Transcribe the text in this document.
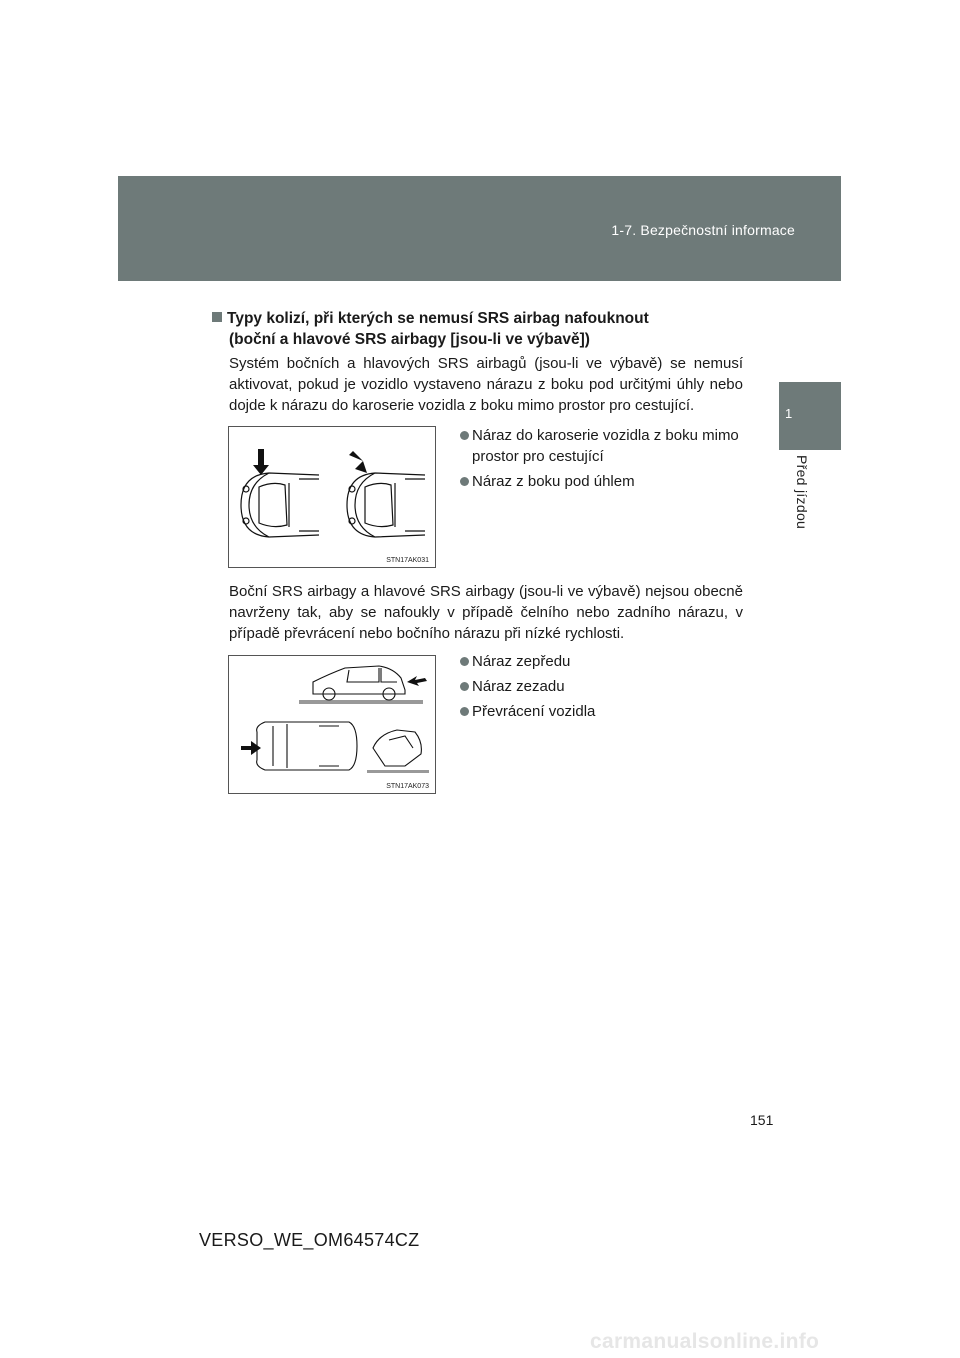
1-7. Bezpečnostní informace
1
Před jízdou
Typy kolizí, při kterých se nemusí SRS airbag nafouknout
(boční a hlavové SRS airbagy [jsou-li ve výbavě])
Systém bočních a hlavových SRS airbagů (jsou-li ve výbavě) se nemusí aktivovat, pokud je vozidlo vystaveno nárazu z boku pod určitými úhly nebo dojde k nárazu do karoserie vozidla z boku mimo prostor pro cestující.
STN17AK031
Náraz do karoserie vozidla z boku mimo prostor pro cestující
Náraz z boku pod úhlem
Boční SRS airbagy a hlavové SRS airbagy (jsou-li ve výbavě) nejsou obecně navrženy tak, aby se nafoukly v případě čelního nebo zadního nárazu, v případě převrácení nebo bočního nárazu při nízké rychlosti.
STN17AK073
Náraz zepředu
Náraz zezadu
Převrácení vozidla
151
VERSO_WE_OM64574CZ
carmanualsonline.info
